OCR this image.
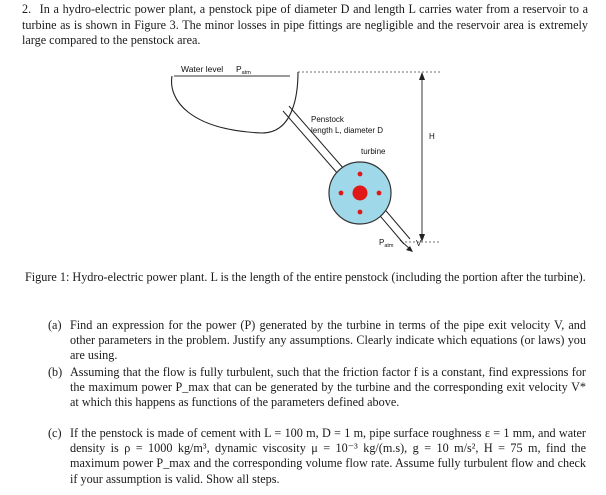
2. In a hydro-electric power plant, a penstock pipe of diameter D and length L carries water from a reservoir to a turbine as is shown in Figure 3. The minor losses in pipe fittings are negligible and the reservoir area is extremely large compared to the penstock area.
Water level $P_{atm}$
Penstock
length L, diameter D
turbine
H
$P_{atm}$	V
Figure 1: Hydro-electric power plant. L is the length of the entire penstock (including the portion after the turbine).
(a) Find an expression for the power (P) generated by the turbine in terms of the pipe exit velocity V, and other parameters in the problem. Justify any assumptions. Clearly indicate which equations (or laws) you are using.
(b) Assuming that the flow is fully turbulent, such that the friction factor f is a constant, find expressions for the maximum power P_max that can be generated by the turbine and the corresponding exit velocity V* at which this happens as functions of the parameters defined above.
(c) If the penstock is made of cement with L = 100 m, D = 1 m, pipe surface roughness ε = 1 mm, and water density is ρ = 1000 kg/m³, dynamic viscosity μ = 10⁻³ kg/(m.s), g = 10 m/s², H = 75 m, find the maximum power P_max and the corresponding volume flow rate. Assume fully turbulent flow and check if your assumption is valid. Show all steps.
